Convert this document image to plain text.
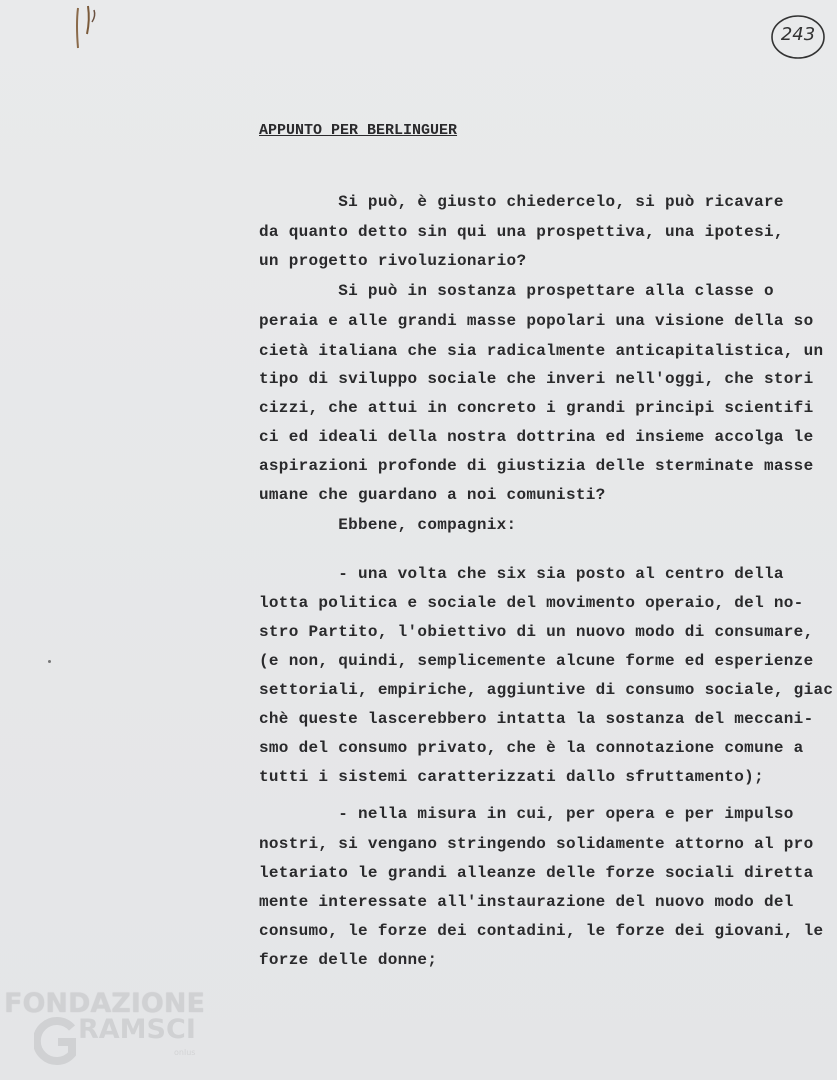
243
APPUNTO PER BERLINGUER
Si può, è giusto chiedercelo, si può ricavare
da quanto detto sin qui una prospettiva, una ipotesi,
un progetto rivoluzionario?
Si può in sostanza prospettare alla classe o
peraia e alle grandi masse popolari una visione della so
cietà italiana che sia radicalmente anticapitalistica, un
tipo di sviluppo sociale che inveri nell'oggi, che stori
cizzi, che attui in concreto i grandi principi scientifi
ci ed ideali della nostra dottrina ed insieme accolga le
aspirazioni profonde di giustizia delle sterminate masse
umane che guardano a noi comunisti?
Ebbene, compagnix:
- una volta che six sia posto al centro della
lotta politica e sociale del movimento operaio, del no-
stro Partito, l'obiettivo di un nuovo modo di consumare,
(e non, quindi, semplicemente alcune forme ed esperienze
settoriali, empiriche, aggiuntive di consumo sociale, giac
chè queste lascerebbero intatta la sostanza del meccani-
smo del consumo privato, che è la connotazione comune a
tutti i sistemi caratterizzati dallo sfruttamento);
- nella misura in cui, per opera e per impulso
nostri, si vengano stringendo solidamente attorno al pro
letariato le grandi alleanze delle forze sociali diretta
mente interessate all'instaurazione del nuovo modo del
consumo, le forze dei contadini, le forze dei giovani, le
forze delle donne;
FONDAZIONE
RAMSCI
onlus
